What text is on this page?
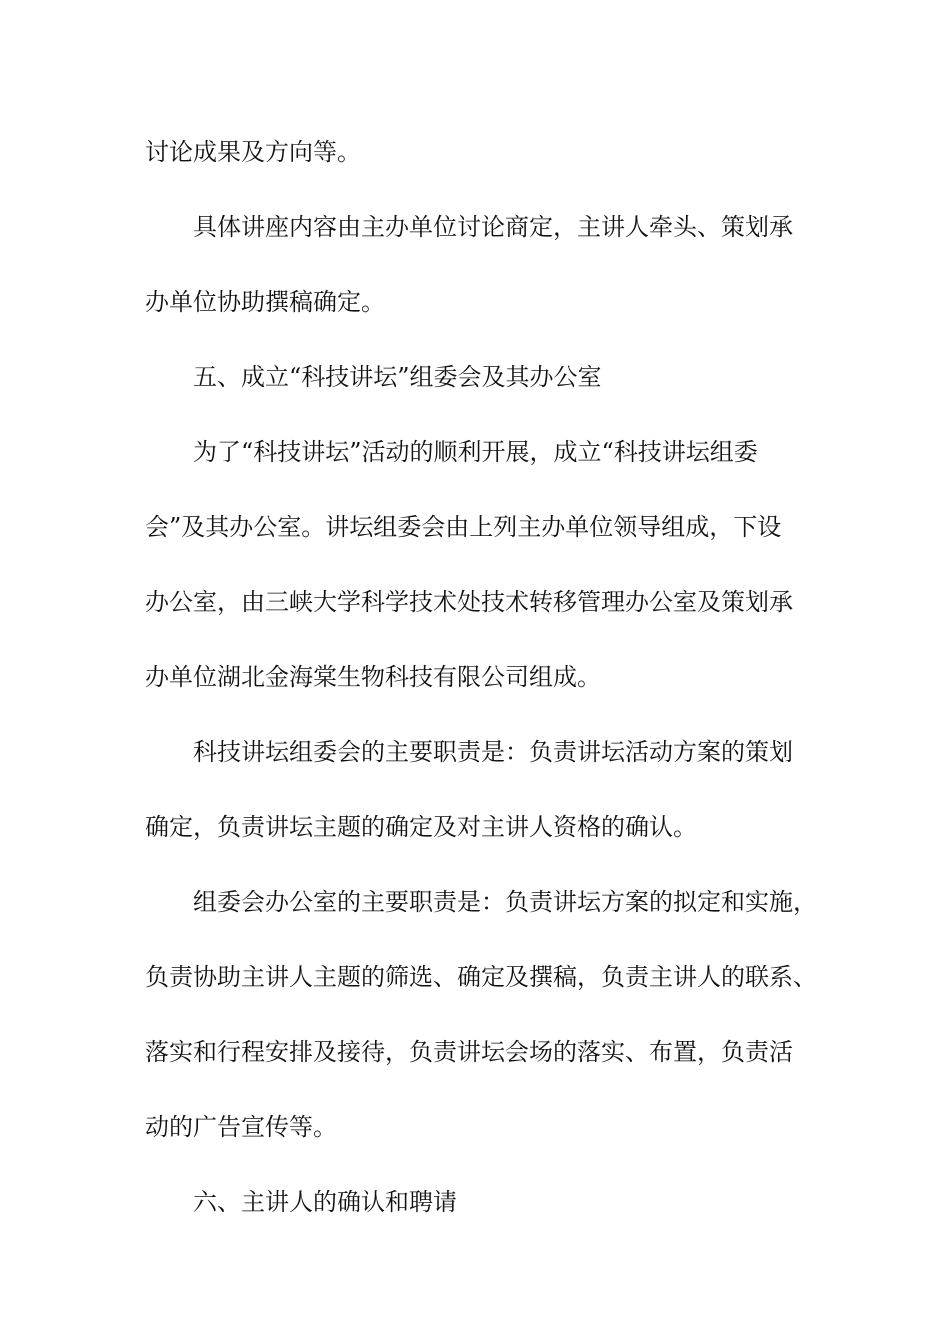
讨论成果及方向等。
具体讲座内容由主办单位讨论商定，主讲人牵头、策划承
办单位协助撰稿确定。
五、成立“科技讲坛”组委会及其办公室
为了“科技讲坛”活动的顺利开展，成立“科技讲坛组委
会”及其办公室。讲坛组委会由上列主办单位领导组成，下设
办公室，由三峡大学科学技术处技术转移管理办公室及策划承
办单位湖北金海棠生物科技有限公司组成。
科技讲坛组委会的主要职责是：负责讲坛活动方案的策划
确定，负责讲坛主题的确定及对主讲人资格的确认。
组委会办公室的主要职责是：负责讲坛方案的拟定和实施，
负责协助主讲人主题的筛选、确定及撰稿，负责主讲人的联系、
落实和行程安排及接待，负责讲坛会场的落实、布置，负责活
动的广告宣传等。
六、主讲人的确认和聘请
